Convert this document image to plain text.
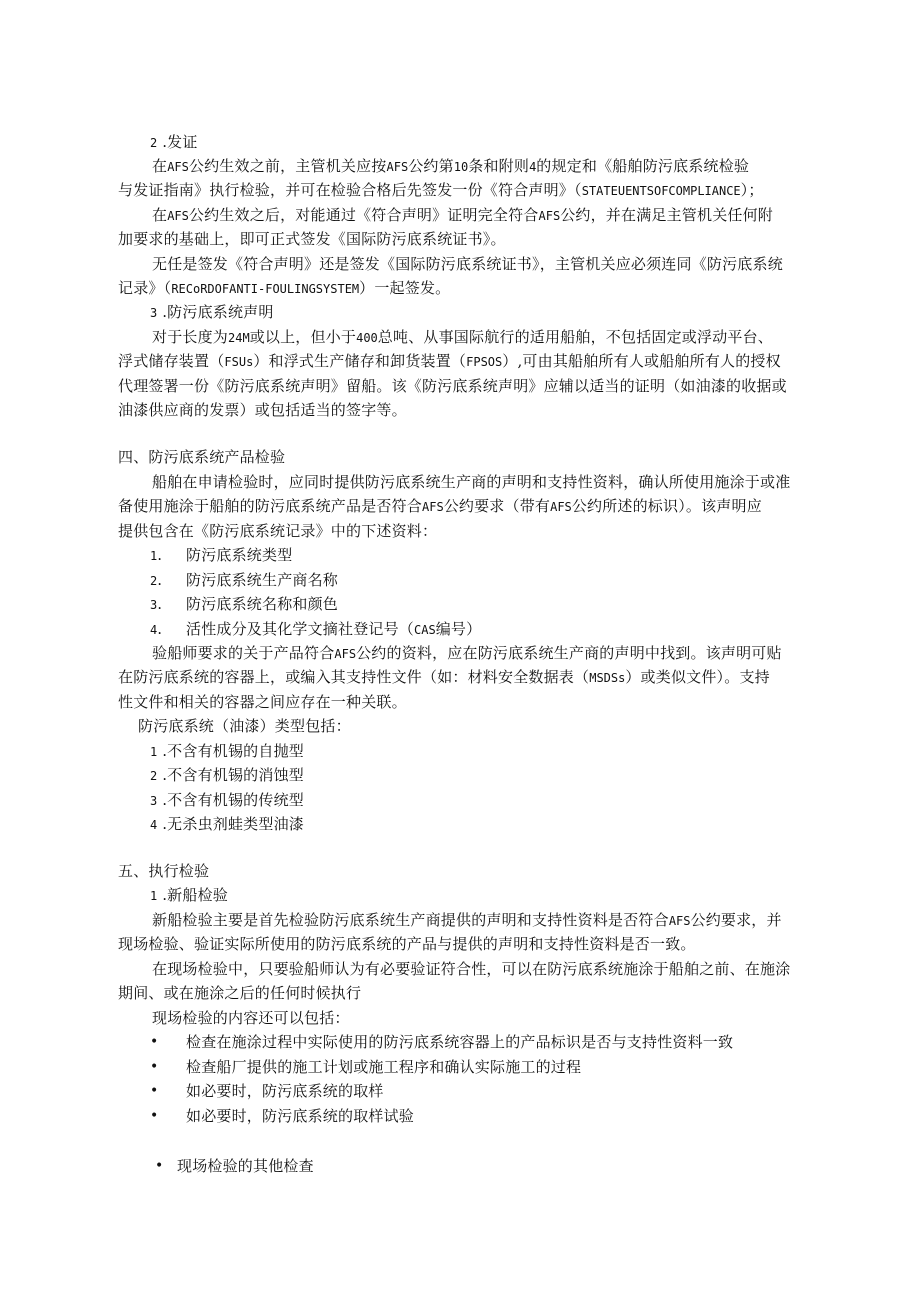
2 .发证
在AFS公约生效之前，主管机关应按AFS公约第10条和附则4的规定和《船舶防污底系统检验
与发证指南》执行检验，并可在检验合格后先签发一份《符合声明》（STATEUENTSOFCOMPLIANCE）；
在AFS公约生效之后，对能通过《符合声明》证明完全符合AFS公约，并在满足主管机关任何附
加要求的基础上，即可正式签发《国际防污底系统证书》。
无任是签发《符合声明》还是签发《国际防污底系统证书》，主管机关应必须连同《防污底系统
记录》（RECoRDOFANTI-FOULINGSYSTEM）一起签发。
3 .防污底系统声明
对于长度为24M或以上，但小于400总吨、从事国际航行的适用船舶，不包括固定或浮动平台、
浮式储存装置（FSUs）和浮式生产储存和卸货装置（FPSOS）,可由其船舶所有人或船舶所有人的授权
代理签署一份《防污底系统声明》留船。该《防污底系统声明》应辅以适当的证明（如油漆的收据或
油漆供应商的发票）或包括适当的签字等。
四、防污底系统产品检验
船舶在申请检验时，应同时提供防污底系统生产商的声明和支持性资料，确认所使用施涂于或准
备使用施涂于船舶的防污底系统产品是否符合AFS公约要求（带有AFS公约所述的标识）。该声明应
提供包含在《防污底系统记录》中的下述资料：
1. 防污底系统类型
2. 防污底系统生产商名称
3. 防污底系统名称和颜色
4. 活性成分及其化学文摘社登记号（CAS编号）
验船师要求的关于产品符合AFS公约的资料，应在防污底系统生产商的声明中找到。该声明可贴
在防污底系统的容器上，或编入其支持性文件（如：材料安全数据表（MSDSs）或类似文件）。支持
性文件和相关的容器之间应存在一种关联。
防污底系统（油漆）类型包括：
1 .不含有机锡的自抛型
2 .不含有机锡的消蚀型
3 .不含有机锡的传统型
4 .无杀虫剂蛙类型油漆
五、执行检验
1 .新船检验
新船检验主要是首先检验防污底系统生产商提供的声明和支持性资料是否符合AFS公约要求，并
现场检验、验证实际所使用的防污底系统的产品与提供的声明和支持性资料是否一致。
在现场检验中，只要验船师认为有必要验证符合性，可以在防污底系统施涂于船舶之前、在施涂
期间、或在施涂之后的任何时候执行
现场检验的内容还可以包括：
• 检查在施涂过程中实际使用的防污底系统容器上的产品标识是否与支持性资料一致
• 检查船厂提供的施工计划或施工程序和确认实际施工的过程
• 如必要时，防污底系统的取样
• 如必要时，防污底系统的取样试验
• 现场检验的其他检查
